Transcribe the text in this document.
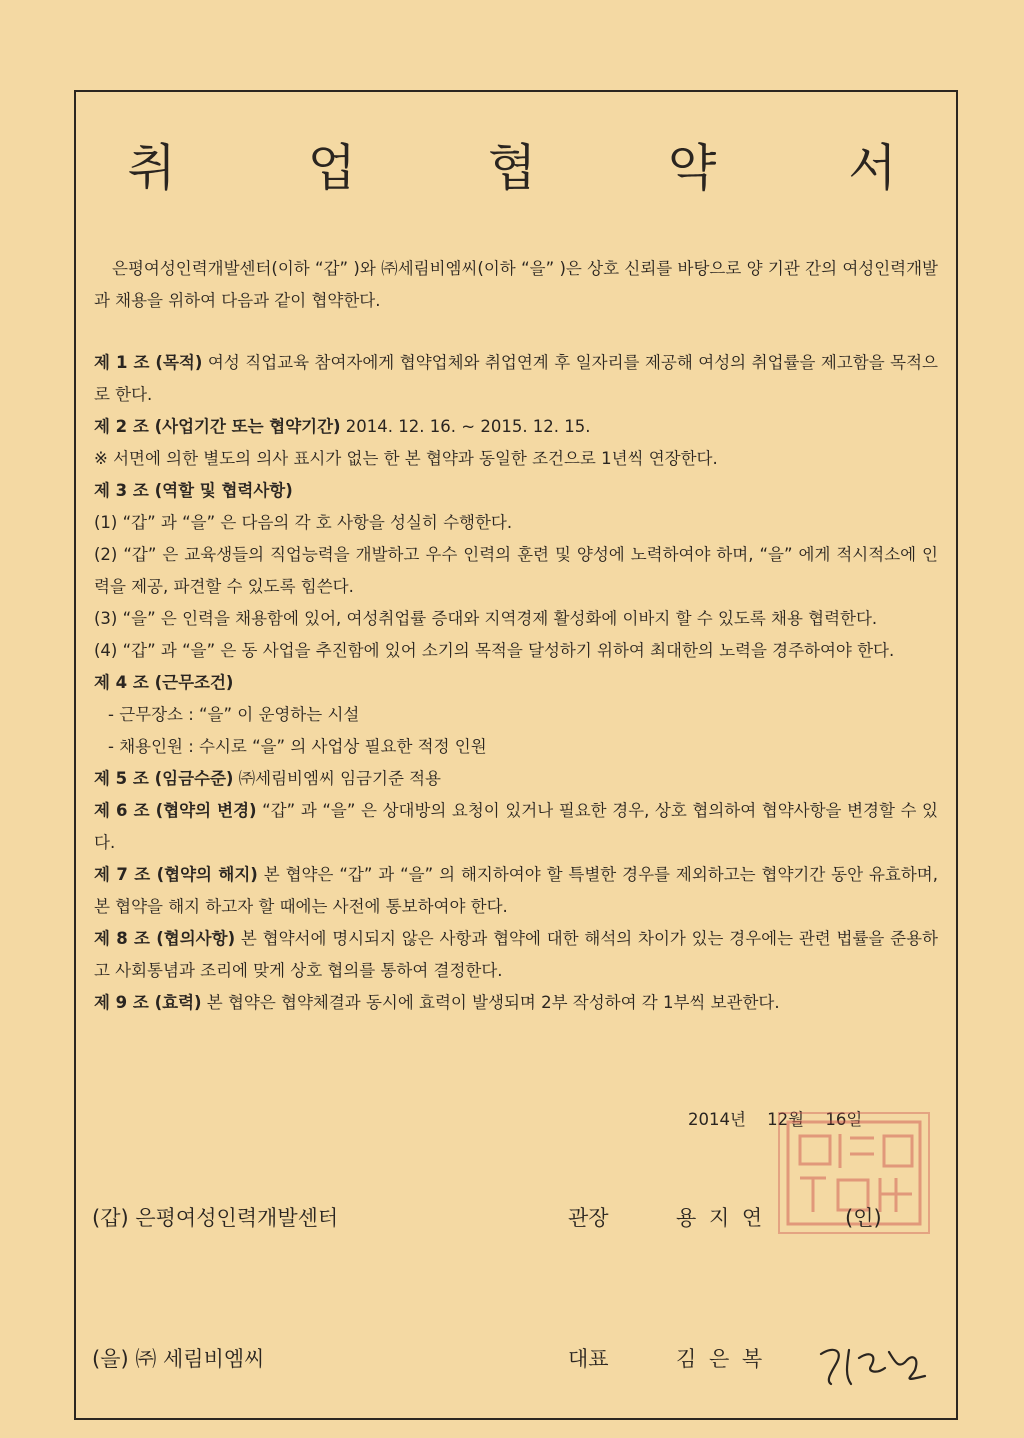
취 업 협 약 서

은평여성인력개발센터(이하 “갑” )와 ㈜세림비엠씨(이하 “을” )은 상호 신뢰를 바탕으로 양 기관 간의 여성인력개발과 채용을 위하여 다음과 같이 협약한다.

제 1 조 (목적) 여성 직업교육 참여자에게 협약업체와 취업연계 후 일자리를 제공해 여성의 취업률을 제고함을 목적으로 한다.

제 2 조 (사업기간 또는 협약기간) 2014. 12. 16. ~ 2015. 12. 15.

※ 서면에 의한 별도의 의사 표시가 없는 한 본 협약과 동일한 조건으로 1년씩 연장한다.

제 3 조 (역할 및 협력사항)

(1) “갑” 과 “을” 은 다음의 각 호 사항을 성실히 수행한다.

(2) “갑” 은 교육생들의 직업능력을 개발하고 우수 인력의 훈련 및 양성에 노력하여야 하며, “을” 에게 적시적소에 인력을 제공, 파견할 수 있도록 힘쓴다.

(3) “을” 은 인력을 채용함에 있어, 여성취업률 증대와 지역경제 활성화에 이바지 할 수 있도록 채용 협력한다.

(4) “갑” 과 “을” 은 동 사업을 추진함에 있어 소기의 목적을 달성하기 위하여 최대한의 노력을 경주하여야 한다.

제 4 조 (근무조건)

- 근무장소 : “을” 이 운영하는 시설

- 채용인원 : 수시로 “을” 의 사업상 필요한 적정 인원

제 5 조 (임금수준) ㈜세림비엠씨 임금기준 적용

제 6 조 (협약의 변경) “갑” 과 “을” 은 상대방의 요청이 있거나 필요한 경우, 상호 협의하여 협약사항을 변경할 수 있다.

제 7 조 (협약의 해지) 본 협약은 “갑” 과 “을” 의 해지하여야 할 특별한 경우를 제외하고는 협약기간 동안 유효하며, 본 협약을 해지 하고자 할 때에는 사전에 통보하여야 한다.

제 8 조 (협의사항) 본 협약서에 명시되지 않은 사항과 협약에 대한 해석의 차이가 있는 경우에는 관련 법률을 준용하고 사회통념과 조리에 맞게 상호 협의를 통하여 결정한다.

제 9 조 (효력) 본 협약은 협약체결과 동시에 효력이 발생되며 2부 작성하여 각 1부씩 보관한다.

2014년 12월 16일
(갑) 은평여성인력개발센터	관장	용 지 연	(인)
(을) ㈜ 세림비엠씨	대표	김 은 복
